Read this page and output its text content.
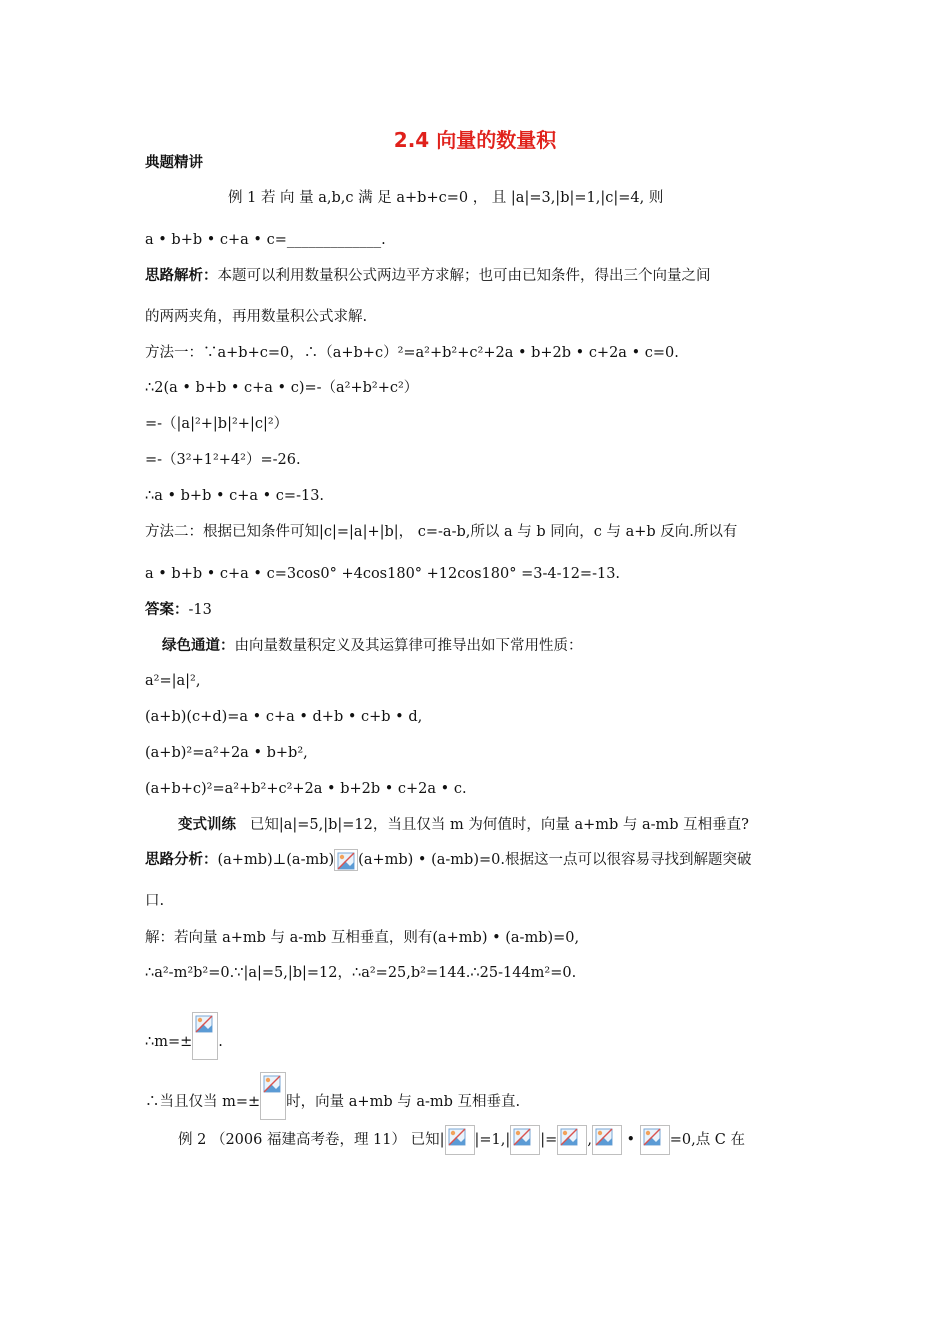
2.4 向量的数量积
典题精讲
例 1 若 向 量 a,b,c 满 足 a+b+c=0 ， 且 |a|=3,|b|=1,|c|=4, 则
a • b+b • c+a • c=_____________.
思路解析：本题可以利用数量积公式两边平方求解；也可由已知条件，得出三个向量之间
的两两夹角，再用数量积公式求解.
方法一：∵a+b+c=0，∴（a+b+c）²=a²+b²+c²+2a • b+2b • c+2a • c=0.
∴2(a • b+b • c+a • c)=-（a²+b²+c²）
=-（|a|²+|b|²+|c|²）
=-（3²+1²+4²）=-26.
∴a • b+b • c+a • c=-13.
方法二：根据已知条件可知|c|=|a|+|b|， c=-a-b,所以 a 与 b 同向，c 与 a+b 反向.所以有
a • b+b • c+a • c=3cos0° +4cos180° +12cos180° =3-4-12=-13.
答案：-13
绿色通道：由向量数量积定义及其运算律可推导出如下常用性质：
a²=|a|²,
(a+b)(c+d)=a • c+a • d+b • c+b • d,
(a+b)²=a²+2a • b+b²,
(a+b+c)²=a²+b²+c²+2a • b+2b • c+2a • c.
变式训练 已知|a|=5,|b|=12，当且仅当 m 为何值时，向量 a+mb 与 a-mb 互相垂直?
思路分析：(a+mb)⊥(a-mb) (a+mb) • (a-mb)=0.根据这一点可以很容易寻找到解题突破
口.
解：若向量 a+mb 与 a-mb 互相垂直，则有(a+mb) • (a-mb)=0,
∴a²-m²b²=0.∵|a|=5,|b|=12，∴a²=25,b²=144.∴25-144m²=0.
∴m=± .
∴当且仅当 m=± 时，向量 a+mb 与 a-mb 互相垂直.
例 2 （2006 福建高考卷，理 11） 已知| |=1,| |= ,
•
=0,点 C 在
